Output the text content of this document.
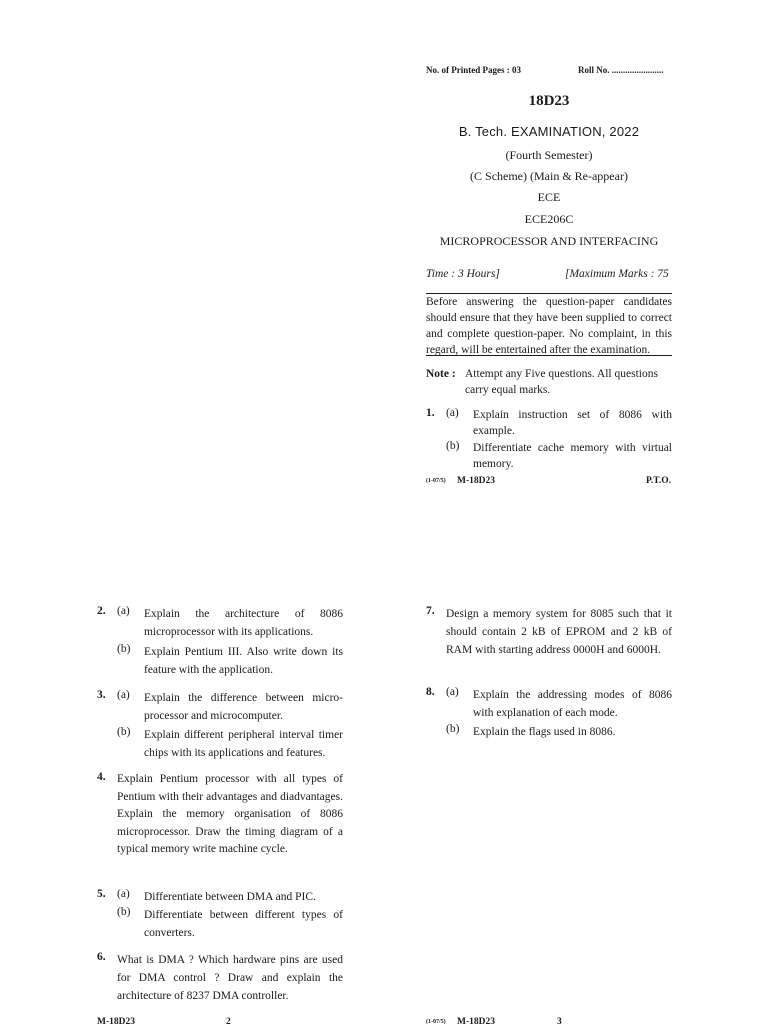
No. of Printed Pages : 03	Roll No. .......................
18D23
B. Tech. EXAMINATION, 2022
(Fourth Semester)
(C Scheme) (Main & Re-appear)
ECE
ECE206C
MICROPROCESSOR AND INTERFACING
Time : 3 Hours]	[Maximum Marks : 75
Before answering the question-paper candidates should ensure that they have been supplied to correct and complete question-paper. No complaint, in this regard, will be entertained after the examination.
Note : Attempt any Five questions. All questions
carry equal marks.
1. (a) Explain instruction set of 8086 with example.
(b) Differentiate cache memory with virtual memory.
(1-07/5) M-18D23	P.T.O.
2. (a) Explain the architecture of 8086 microprocessor with its applications.
(b) Explain Pentium III. Also write down its feature with the application.
3. (a) Explain the difference between micro-processor and microcomputer.
(b) Explain different peripheral interval timer chips with its applications and features.
4. Explain Pentium processor with all types of Pentium with their advantages and diadvantages. Explain the memory organisation of 8086 microprocessor. Draw the timing diagram of a typical memory write machine cycle.
5. (a) Differentiate between DMA and PIC.
(b) Differentiate between different types of converters.
6. What is DMA ? Which hardware pins are used for DMA control ? Draw and explain the architecture of 8237 DMA controller.
M-18D23	2
7. Design a memory system for 8085 such that it should contain 2 kB of EPROM and 2 kB of RAM with starting address 0000H and 6000H.
8. (a) Explain the addressing modes of 8086 with explanation of each mode.
(b) Explain the flags used in 8086.
(1-07/5) M-18D23	3
